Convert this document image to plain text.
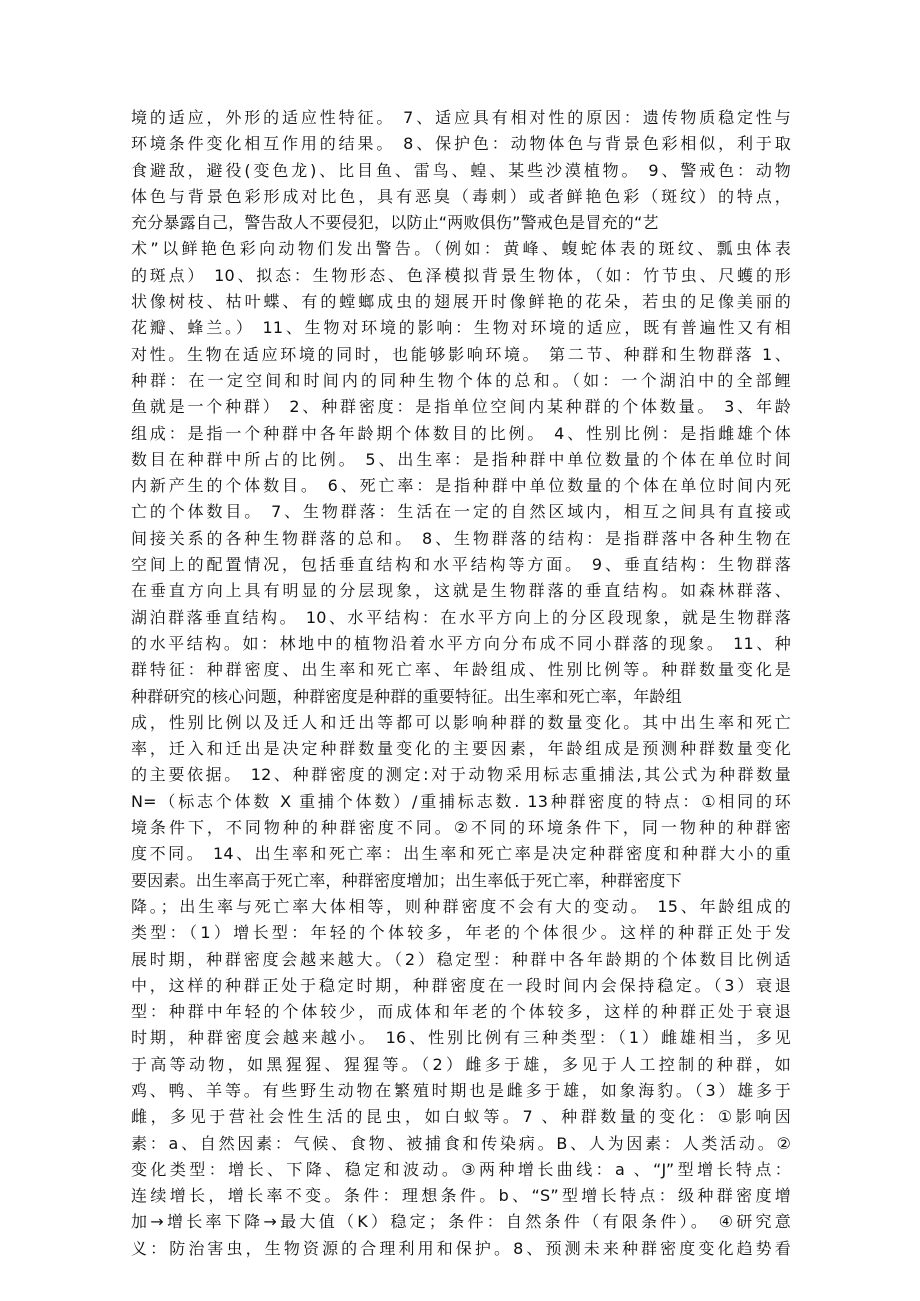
境的适应，外形的适应性特征。 7、适应具有相对性的原因：遗传物质稳定性与
环境条件变化相互作用的结果。 8、保护色：动物体色与背景色彩相似，利于取
食避敌，避役(变色龙)、比目鱼、雷鸟、蝗、某些沙漠植物。 9、警戒色：动物
体色与背景色彩形成对比色，具有恶臭（毒刺）或者鲜艳色彩（斑纹）的特点，
充分暴露自己，警告敌人不要侵犯，以防止“两败俱伤”警戒色是冒充的“艺
术”以鲜艳色彩向动物们发出警告。（例如：黄峰、蝮蛇体表的斑纹、瓢虫体表
的斑点） 10、拟态：生物形态、色泽模拟背景生物体，（如：竹节虫、尺蠖的形
状像树枝、枯叶蝶、有的螳螂成虫的翅展开时像鲜艳的花朵，若虫的足像美丽的
花瓣、蜂兰。） 11、生物对环境的影响：生物对环境的适应，既有普遍性又有相
对性。生物在适应环境的同时，也能够影响环境。 第二节、种群和生物群落 1、
种群：在一定空间和时间内的同种生物个体的总和。（如：一个湖泊中的全部鲤
鱼就是一个种群） 2、种群密度：是指单位空间内某种群的个体数量。 3、年龄
组成：是指一个种群中各年龄期个体数目的比例。 4、性别比例：是指雌雄个体
数目在种群中所占的比例。 5、出生率：是指种群中单位数量的个体在单位时间
内新产生的个体数目。 6、死亡率：是指种群中单位数量的个体在单位时间内死
亡的个体数目。 7、生物群落：生活在一定的自然区域内，相互之间具有直接或
间接关系的各种生物群落的总和。 8、生物群落的结构：是指群落中各种生物在
空间上的配置情况，包括垂直结构和水平结构等方面。 9、垂直结构：生物群落
在垂直方向上具有明显的分层现象，这就是生物群落的垂直结构。如森林群落、
湖泊群落垂直结构。 10、水平结构：在水平方向上的分区段现象，就是生物群落
的水平结构。如：林地中的植物沿着水平方向分布成不同小群落的现象。 11、种
群特征：种群密度、出生率和死亡率、年龄组成、性别比例等。种群数量变化是
种群研究的核心问题，种群密度是种群的重要特征。出生率和死亡率，年龄组
成，性别比例以及迁人和迁出等都可以影响种群的数量变化。其中出生率和死亡
率，迁入和迁出是决定种群数量变化的主要因素，年龄组成是预测种群数量变化
的主要依据。 12、种群密度的测定:对于动物采用标志重捕法,其公式为种群数量
N=（标志个体数 X 重捕个体数）/重捕标志数. 13种群密度的特点：①相同的环
境条件下，不同物种的种群密度不同。②不同的环境条件下，同一物种的种群密
度不同。 14、出生率和死亡率：出生率和死亡率是决定种群密度和种群大小的重
要因素。出生率高于死亡率，种群密度增加；出生率低于死亡率，种群密度下
降。；出生率与死亡率大体相等，则种群密度不会有大的变动。 15、年龄组成的
类型：（1）增长型：年轻的个体较多，年老的个体很少。这样的种群正处于发
展时期，种群密度会越来越大。（2）稳定型：种群中各年龄期的个体数目比例适
中，这样的种群正处于稳定时期，种群密度在一段时间内会保持稳定。（3）衰退
型：种群中年轻的个体较少，而成体和年老的个体较多，这样的种群正处于衰退
时期，种群密度会越来越小。 16、性别比例有三种类型：（1）雌雄相当，多见
于高等动物，如黑猩猩、猩猩等。（2）雌多于雄，多见于人工控制的种群，如
鸡、鸭、羊等。有些野生动物在繁殖时期也是雌多于雄，如象海豹。（3）雄多于
雌，多见于营社会性生活的昆虫，如白蚁等。7 、种群数量的变化：①影响因
素：a、自然因素：气候、食物、被捕食和传染病。B、人为因素：人类活动。②
变化类型：增长、下降、稳定和波动。③两种增长曲线：a 、“J”型增长特点：
连续增长，增长率不变。条件：理想条件。b、“S”型增长特点：级种群密度增
加→增长率下降→最大值（K）稳定；条件：自然条件（有限条件）。 ④研究意
义：防治害虫，生物资源的合理利用和保护。8、预测未来种群密度变化趋势看
